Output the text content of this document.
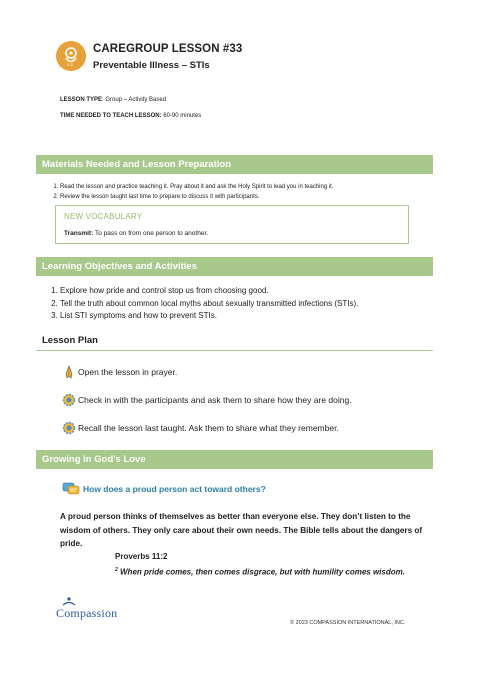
0-5
CAREGROUP LESSON #33
Preventable Illness – STIs
LESSON TYPE: Group – Activity Based
TIME NEEDED TO TEACH LESSON: 60-90 minutes
Materials Needed and Lesson Preparation
1. Read the lesson and practice teaching it. Pray about it and ask the Holy Spirit to lead you in teaching it.
2. Review the lesson taught last time to prepare to discuss it with participants.
NEW VOCABULARY
Transmit: To pass on from one person to another.
Learning Objectives and Activities
1. Explore how pride and control stop us from choosing good.
2. Tell the truth about common local myths about sexually transmitted infections (STIs).
3. List STI symptoms and how to prevent STIs.
Lesson Plan
Open the lesson in prayer.
Check in with the participants and ask them to share how they are doing.
Recall the lesson last taught. Ask them to share what they remember.
Growing in God’s Love
How does a proud person act toward others?
A proud person thinks of themselves as better than everyone else. They don’t listen to the wisdom of others. They only care about their own needs. The Bible tells about the dangers of pride.
Proverbs 11:2
$^2$ When pride comes, then comes disgrace, but with humility comes wisdom.
Compassion
© 2023 COMPASSION INTERNATIONAL, INC.
